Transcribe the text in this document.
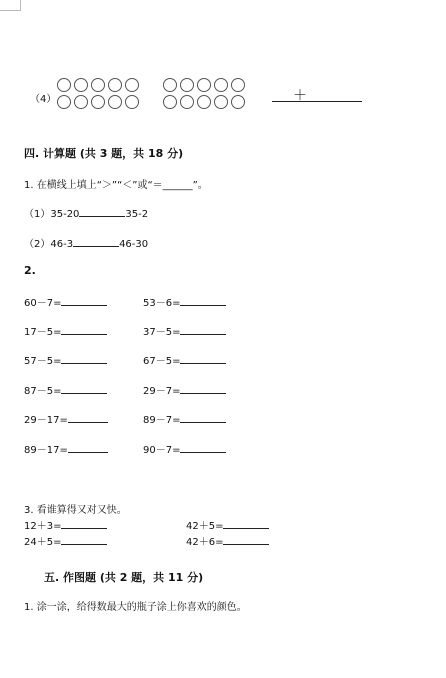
（4）	＋
四. 计算题 (共 3 题，共 18 分)
1. 在横线上填上“＞”“＜”或“＝______”。
（1）35-20	35-2
（2）46-3	46-30
2.
60－7=	53－6=
17－5=	37－5=
57－5=	67－5=
87－5=	29－7=
29－17=	89－7=
89－17=	90－7=
3. 看谁算得又对又快。
12＋3=	42＋5=
24＋5=	42＋6=
五. 作图题 (共 2 题，共 11 分)
1. 涂一涂，给得数最大的瓶子涂上你喜欢的颜色。
